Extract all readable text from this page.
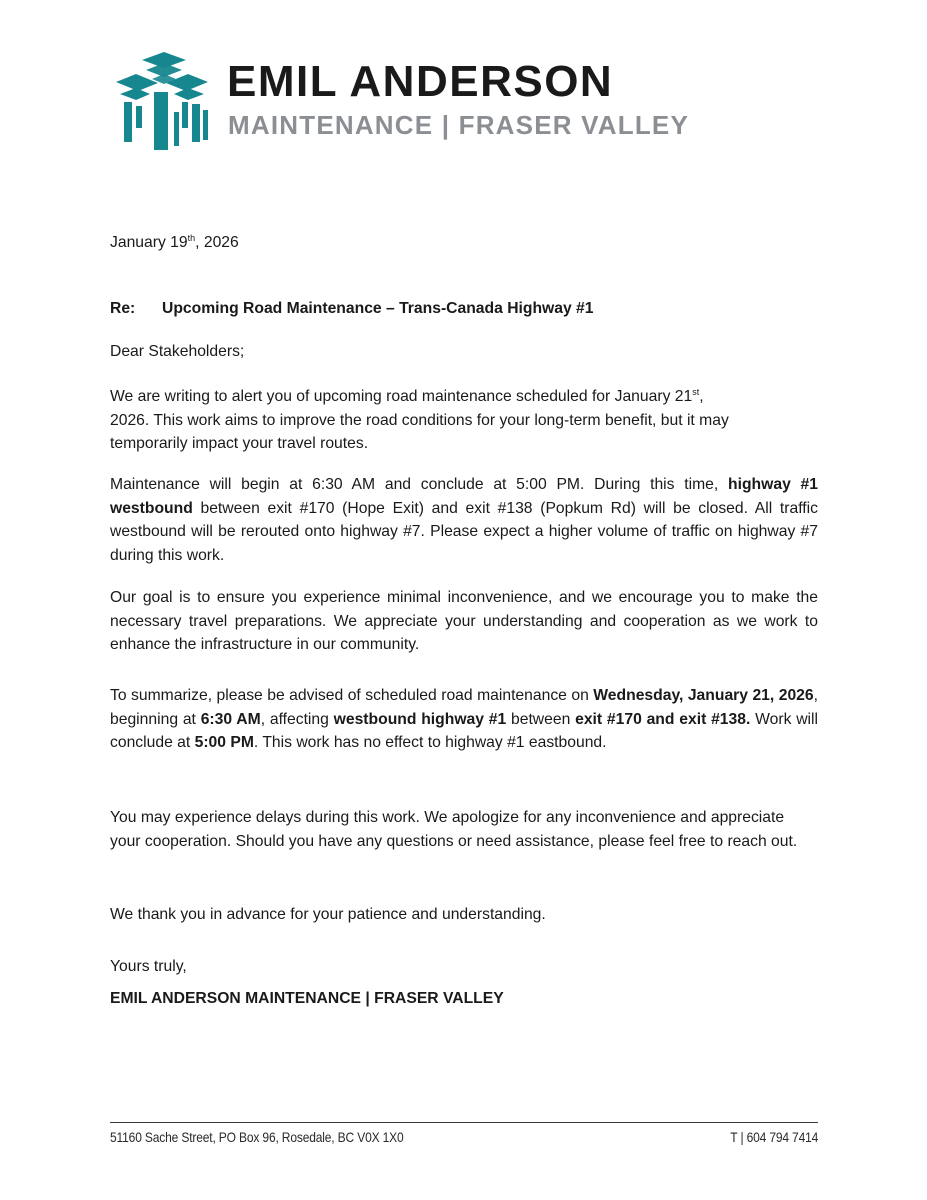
EMIL ANDERSON
MAINTENANCE | FRASER VALLEY
January 19th, 2026
Re: Upcoming Road Maintenance – Trans-Canada Highway #1
Dear Stakeholders;
We are writing to alert you of upcoming road maintenance scheduled for January 21st,
2026. This work aims to improve the road conditions for your long-term benefit, but it may
temporarily impact your travel routes.
Maintenance will begin at 6:30 AM and conclude at 5:00 PM. During this time, highway #1 westbound between exit #170 (Hope Exit) and exit #138 (Popkum Rd) will be closed. All traffic westbound will be rerouted onto highway #7. Please expect a higher volume of traffic on highway #7 during this work.
Our goal is to ensure you experience minimal inconvenience, and we encourage you to make the necessary travel preparations. We appreciate your understanding and cooperation as we work to enhance the infrastructure in our community.
To summarize, please be advised of scheduled road maintenance on Wednesday, January 21, 2026, beginning at 6:30 AM, affecting westbound highway #1 between exit #170 and exit #138. Work will conclude at 5:00 PM. This work has no effect to highway #1 eastbound.
You may experience delays during this work. We apologize for any inconvenience and appreciate your cooperation. Should you have any questions or need assistance, please feel free to reach out.
We thank you in advance for your patience and understanding.
Yours truly,
EMIL ANDERSON MAINTENANCE | FRASER VALLEY
51160 Sache Street, PO Box 96, Rosedale, BC V0X 1X0	T | 604 794 7414
